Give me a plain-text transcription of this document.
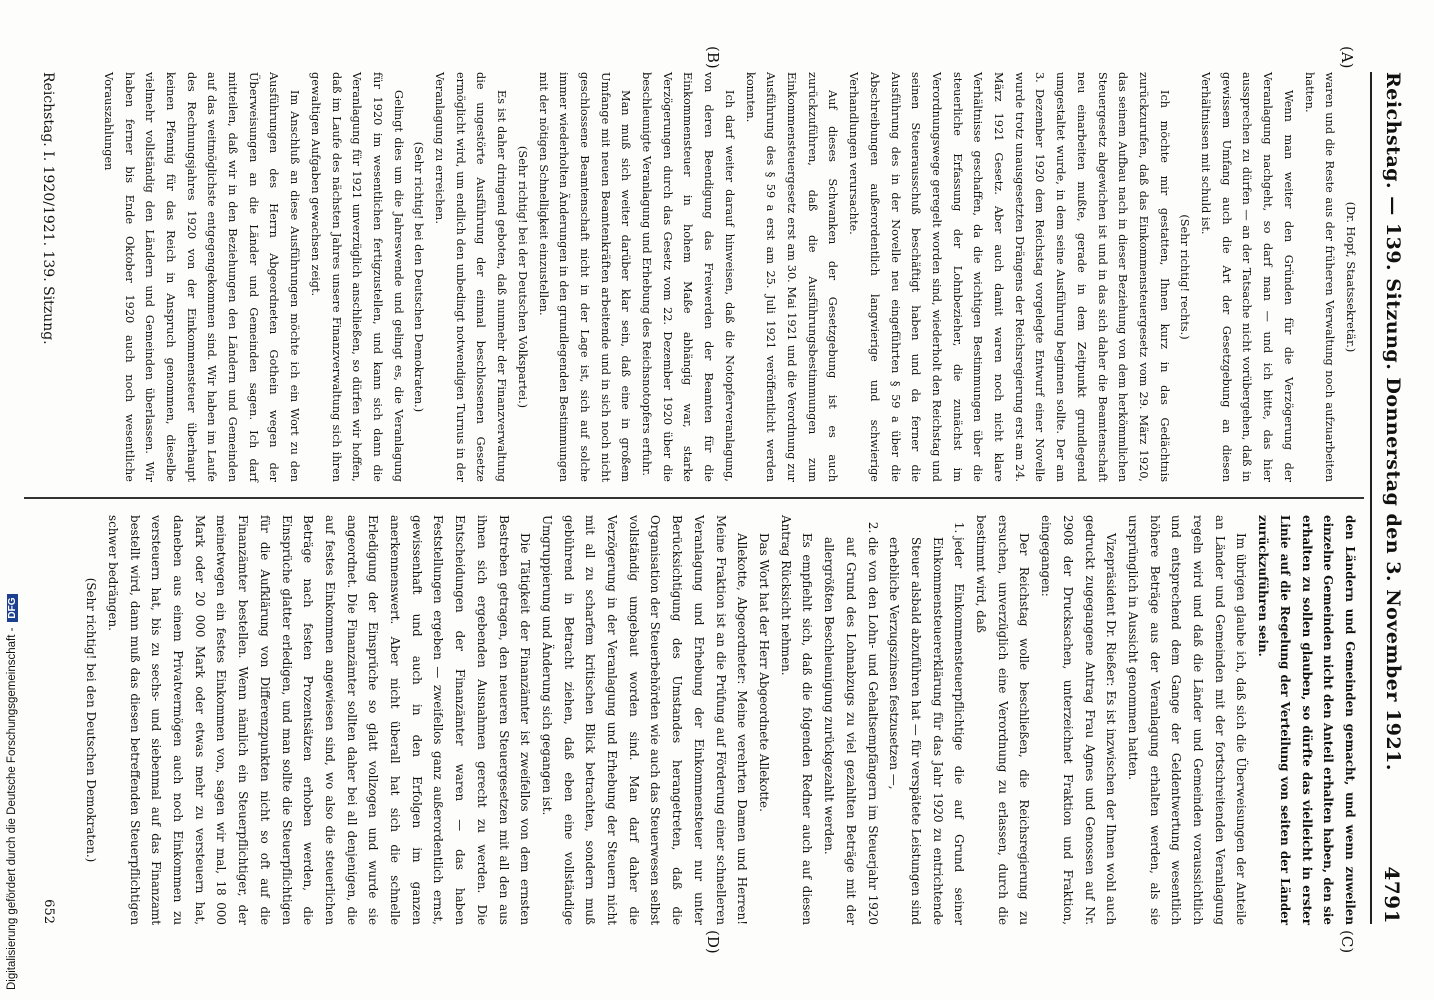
Reichstag. — 139. Sitzung. Donnerstag den 3. November 1921.
4791
(A)
(B)
(C)
(D)

(Dr. Hopf, Staatssekretär.)

waren und die Reste aus der früheren Verwaltung noch aufzuarbeiten hatten.

Wenn man weiter den Gründen für die Verzögerung der Veranlagung nachgeht, so darf man — und ich bitte, das hier aussprechen zu dürfen — an der Tatsache nicht vorübergehen, daß in gewissem Umfang auch die Art der Gesetzgebung an diesen Verhältnissen mit schuld ist.

(Sehr richtig! rechts.)

Ich möchte mir gestatten, Ihnen kurz in das Gedächtnis zurückzurufen, daß das Einkommensteuergesetz vom 29. März 1920, das seinem Aufbau nach in dieser Beziehung von dem herkömmlichen Steuergesetz abgewichen ist und in das sich daher die Beamtenschaft neu einarbeiten mußte, gerade in dem Zeitpunkt grundlegend umgestaltet wurde, in dem seine Ausführung beginnen sollte. Der am 3. Dezember 1920 dem Reichstag vorgelegte Entwurf einer Novelle wurde trotz unausgesetzten Drängens der Reichsregierung erst am 24. März 1921 Gesetz. Aber auch damit waren noch nicht klare Verhältnisse geschaffen, da die wichtigen Bestimmungen über die steuerliche Erfassung der Lohnbezieher, die zunächst im Verordnungswege geregelt worden sind, wiederholt den Reichstag und seinen Steuerausschuß beschäftigt haben und da ferner die Ausführung des in der Novelle neu eingeführten § 59 a über die Abschreibungen außerordentlich langwierige und schwierige Verhandlungen verursachte.

Auf dieses Schwanken der Gesetzgebung ist es auch zurückzuführen, daß die Ausführungsbestimmungen zum Einkommensteuergesetz erst am 30. Mai 1921 und die Verordnung zur Ausführung des § 59 a erst am 25. Juli 1921 veröffentlicht werden konnten.

Ich darf weiter darauf hinweisen, daß die Notopferveranlagung, von deren Beendigung das Freiwerden der Beamten für die Einkommensteuer in hohem Maße abhängig war, starke Verzögerungen durch das Gesetz vom 22. Dezember 1920 über die beschleunigte Veranlagung und Erhebung des Reichsnotopfers erfuhr.

Man muß sich weiter darüber klar sein, daß eine in großem Umfange mit neuen Beamtenkräften arbeitende und in sich noch nicht geschlossene Beamtenschaft nicht in der Lage ist, sich auf solche immer wiederholten Änderungen in den grundlegenden Bestimmungen mit der nötigen Schnelligkeit einzustellen.

(Sehr richtig! bei der Deutschen Volkspartei.)

Es ist daher dringend geboten, daß nunmehr der Finanzverwaltung die ungestörte Ausführung der einmal beschlossenen Gesetze ermöglicht wird, um endlich den unbedingt notwendigen Turnus in der Veranlagung zu erreichen.

(Sehr richtig! bei den Deutschen Demokraten.)

Gelingt dies um die Jahreswende und gelingt es, die Veranlagung für 1920 im wesentlichen fertigzustellen, und kann sich dann die Veranlagung für 1921 unverzüglich anschließen, so dürfen wir hoffen, daß im Laufe des nächsten Jahres unsere Finanzverwaltung sich ihren gewaltigen Aufgaben gewachsen zeigt.

Im Anschluß an diese Ausführungen möchte ich ein Wort zu den Ausführungen des Herrn Abgeordneten Gothein wegen der Überweisungen an die Länder und Gemeinden sagen. Ich darf mitteilen, daß wir in den Beziehungen den Ländern und Gemeinden auf das weitmöglichste entgegengekommen sind. Wir haben im Laufe des Rechnungsjahres 1920 von der Einkommensteuer überhaupt keinen Pfennig für das Reich in Anspruch genommen, dieselbe vielmehr vollständig den Ländern und Gemeinden überlassen. Wir haben ferner bis Ende Oktober 1920 auch noch wesentliche Vorauszahlungen

den Ländern und Gemeinden gemacht, und wenn zuweilen einzelne Gemeinden nicht den Anteil erhalten haben, den sie erhalten zu sollen glauben, so dürfte das vielleicht in erster Linie auf die Regelung der Verteilung von seiten der Länder zurückzuführen sein.

Im übrigen glaube ich, daß sich die Überweisungen der Anteile an Länder und Gemeinden mit der fortschreitenden Veranlagung regeln wird und daß die Länder und Gemeinden voraussichtlich und entsprechend dem Gange der Geldentwertung wesentlich höhere Beträge aus der Veranlagung erhalten werden, als sie ursprünglich in Aussicht genommen hatten.

Vizepräsident Dr. Rießer: Es ist inzwischen der Ihnen wohl auch gedruckt zugegangene Antrag Frau Agnes und Genossen auf Nr. 2908 der Drucksachen, unterzeichnet Fraktion und Fraktion, eingegangen:

Der Reichstag wolle beschließen, die Reichsregierung zu ersuchen, unverzüglich eine Verordnung zu erlassen, durch die bestimmt wird, daß

1. jeder Einkommensteuerpflichtige die auf Grund seiner Einkommensteuererklärung für das Jahr 1920 zu entrichtende Steuer alsbald abzuführen hat — für verspätete Leistungen sind erhebliche Verzugszinsen festzusetzen —,
2. die von den Lohn- und Gehaltsempfängern im Steuerjahr 1920 auf Grund des Lohnabzugs zu viel gezahlten Beträge mit der allergrößten Beschleunigung zurückgezahlt werden.

Es empfiehlt sich, daß die folgenden Redner auch auf diesen Antrag Rücksicht nehmen.

Das Wort hat der Herr Abgeordnete Allekotte.

Allekotte, Abgeordneter: Meine verehrten Damen und Herren! Meine Fraktion ist an die Prüfung auf Förderung einer schnelleren Veranlagung und Erhebung der Einkommensteuer nur unter Berücksichtigung des Umstandes herangetreten, daß die Organisation der Steuerbehörden wie auch das Steuerwesen selbst vollständig umgebaut worden sind. Man darf daher die Verzögerung in der Veranlagung und Erhebung der Steuern nicht mit all zu scharfem kritischen Blick betrachten, sondern muß gebührend in Betracht ziehen, daß eben eine vollständige Umgruppierung und Änderung sich gegangen ist.

Die Tätigkeit der Finanzämter ist zweifellos von dem ernsten Bestreben getragen, den neueren Steuergesetzen mit all den aus ihnen sich ergebenden Ausnahmen gerecht zu werden. Die Entscheidungen der Finanzämter waren — das haben Feststellungen ergeben — zweifellos ganz außerordentlich ernst, gewissenhaft und auch in den Erfolgen im ganzen anerkennenswert. Aber nicht überall hat sich die schnelle Erledigung der Einsprüche so glatt vollzogen und wurde sie angeordnet. Die Finanzämter sollten daher bei all denjenigen, die auf festes Einkommen angewiesen sind, wo also die steuerlichen Beträge nach festen Prozentsätzen erhoben werden, die Einsprüche glatter erledigen, und man sollte die Steuerpflichtigen für die Aufklärung von Differenzpunkten nicht so oft auf die Finanzämter bestellen. Wenn nämlich ein Steuerpflichtiger, der meinetwegen ein festes Einkommen von, sagen wir mal, 18 000 Mark oder 20 000 Mark oder etwas mehr zu versteuern hat, daneben aus einem Privatvermögen auch noch Einkommen zu versteuern hat, bis zu sechs- und siebenmal auf das Finanzamt bestellt wird, dann muß das diesen betreffenden Steuerpflichtigen schwer bedrängen.

(Sehr richtig! bei den Deutschen Demokraten.)

Reichstag. I. 1920/1921. 139. Sitzung.
652
Digitalisierung gefördert durch die Deutsche Forschungsgemeinschaft -DFG
